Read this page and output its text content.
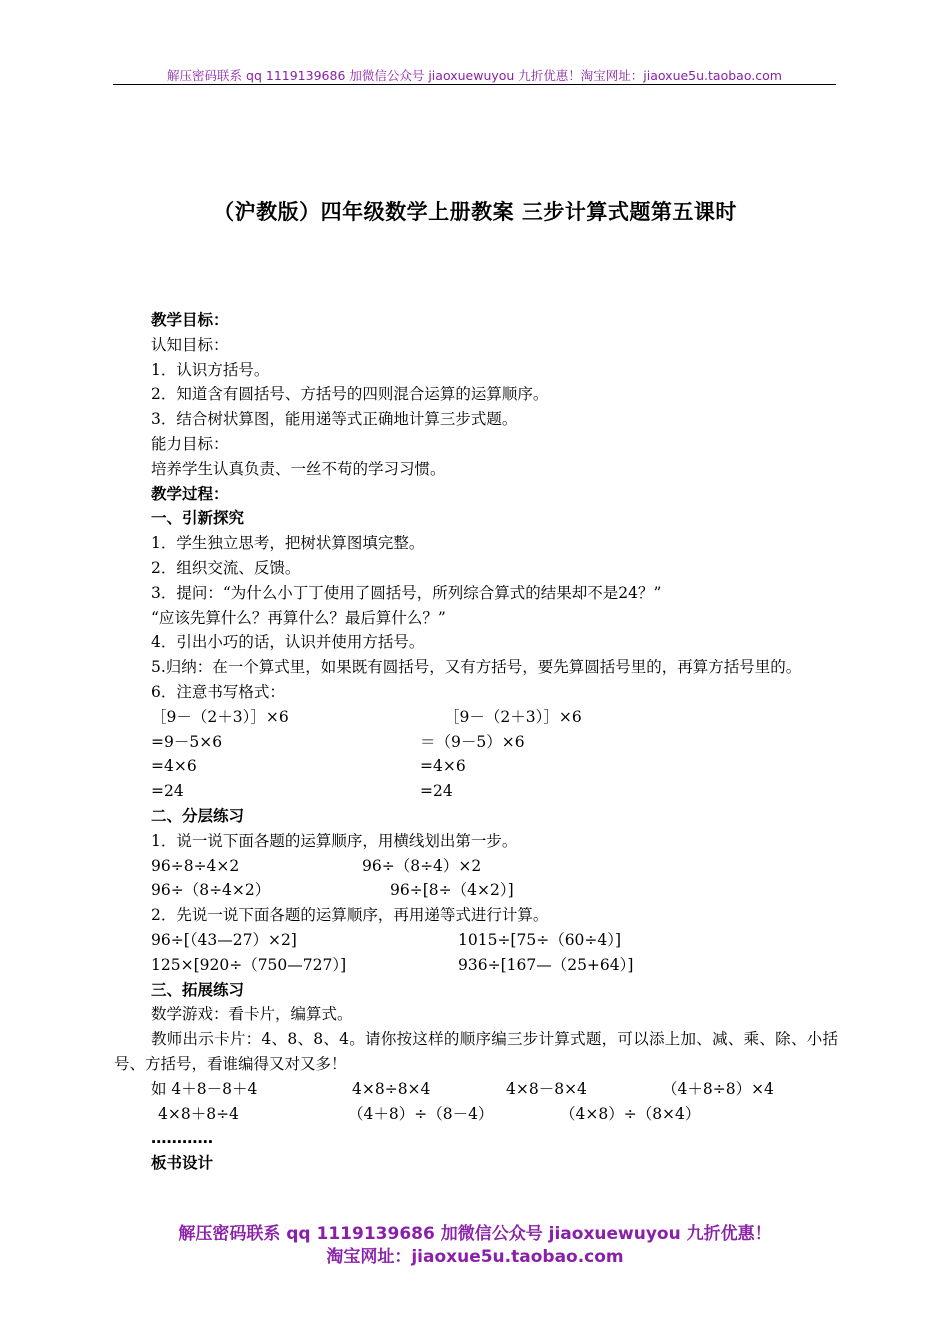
解压密码联系 qq 1119139686 加微信公众号 jiaoxuewuyou 九折优惠！淘宝网址：jiaoxue5u.taobao.com
（沪教版）四年级数学上册教案 三步计算式题第五课时
教学目标：
认知目标：
1．认识方括号。
2．知道含有圆括号、方括号的四则混合运算的运算顺序。
3．结合树状算图，能用递等式正确地计算三步式题。
能力目标：
培养学生认真负责、一丝不苟的学习习惯。
教学过程：
一、引新探究
1．学生独立思考，把树状算图填完整。
2．组织交流、反馈。
3．提问：“为什么小丁丁使用了圆括号，所列综合算式的结果却不是24？”
“应该先算什么？再算什么？最后算什么？”
4．引出小巧的话，认识并使用方括号。
5.归纳：在一个算式里，如果既有圆括号，又有方括号，要先算圆括号里的，再算方括号里的。
6．注意书写格式：
［9－（2＋3）］×6	［9－（2＋3）］×6
=9－5×6	＝（9－5）×6
=4×6	=4×6
=24	=24
二、分层练习
1．说一说下面各题的运算顺序，用横线划出第一步。
96÷8÷4×2	96÷（8÷4）×2
96÷（8÷4×2）	96÷[8÷（4×2）]
2．先说一说下面各题的运算顺序，再用递等式进行计算。
96÷[（43—27）×2]	1015÷[75÷（60÷4）]
125×[920÷（750—727）]	936÷[167—（25+64）]
三、拓展练习
数学游戏：看卡片，编算式。
教师出示卡片：4、8、8、4。请你按这样的顺序编三步计算式题，可以添上加、减、乘、除、小括号、方括号，看谁编得又对又多！
如 4＋8－8＋4	4×8÷8×4	4×8－8×4	（4＋8÷8）×4
4×8＋8÷4	（4＋8）÷（8－4）	（4×8）÷（8×4）
…………
板书设计
解压密码联系 qq 1119139686 加微信公众号 jiaoxuewuyou 九折优惠！
淘宝网址：jiaoxue5u.taobao.com
